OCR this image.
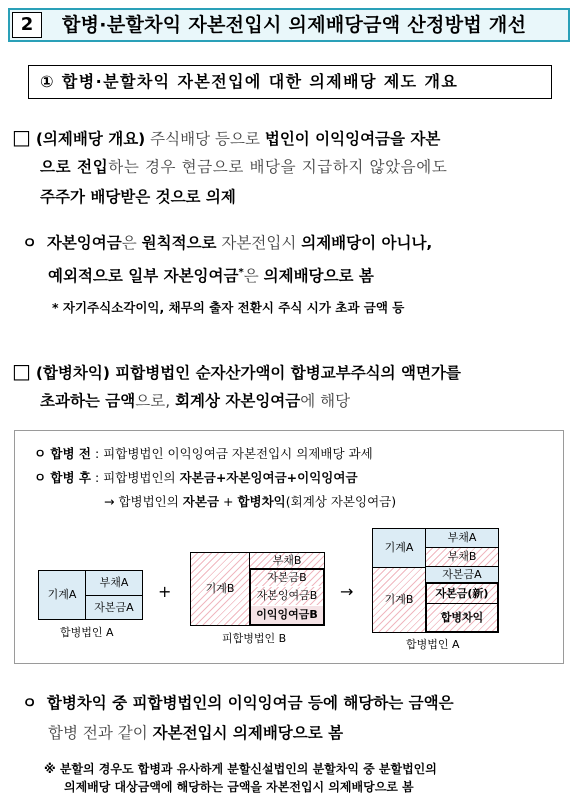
2	합병·분할차익 자본전입시 의제배당금액 산정방법 개선
① 합병·분할차익 자본전입에 대한 의제배당 제도 개요
□ (의제배당 개요) 주식배당 등으로 법인이 이익잉여금을 자본
으로 전입하는 경우 현금으로 배당을 지급하지 않았음에도
주주가 배당받은 것으로 의제
ㅇ 자본잉여금은 원칙적으로 자본전입시 의제배당이 아니나,
예외적으로 일부 자본잉여금*은 의제배당으로 봄
* 자기주식소각이익, 채무의 출자 전환시 주식 시가 초과 금액 등
□ (합병차익) 피합병법인 순자산가액이 합병교부주식의 액면가를
초과하는 금액으로, 회계상 자본잉여금에 해당
ㅇ 합병 전 : 피합병법인 이익잉여금 자본전입시 의제배당 과세
ㅇ 합병 후 : 피합병법인의 자본금+자본잉여금+이익잉여금
→ 합병법인의 자본금 + 합병차익(회계상 자본잉여금)
기계A
부채A
자본금A
합병법인 A
+	기계B
부채B
자본금B
자본잉여금B
이익잉여금B
피합병법인 B
→
기계A
기계B
부채A
부채B
자본금A
자본금(新)
합병차익
합병법인 A
ㅇ 합병차익 중 피합병법인의 이익잉여금 등에 해당하는 금액은
합병 전과 같이 자본전입시 의제배당으로 봄
※ 분할의 경우도 합병과 유사하게 분할신설법인의 분할차익 중 분할법인의
의제배당 대상금액에 해당하는 금액을 자본전입시 의제배당으로 봄
